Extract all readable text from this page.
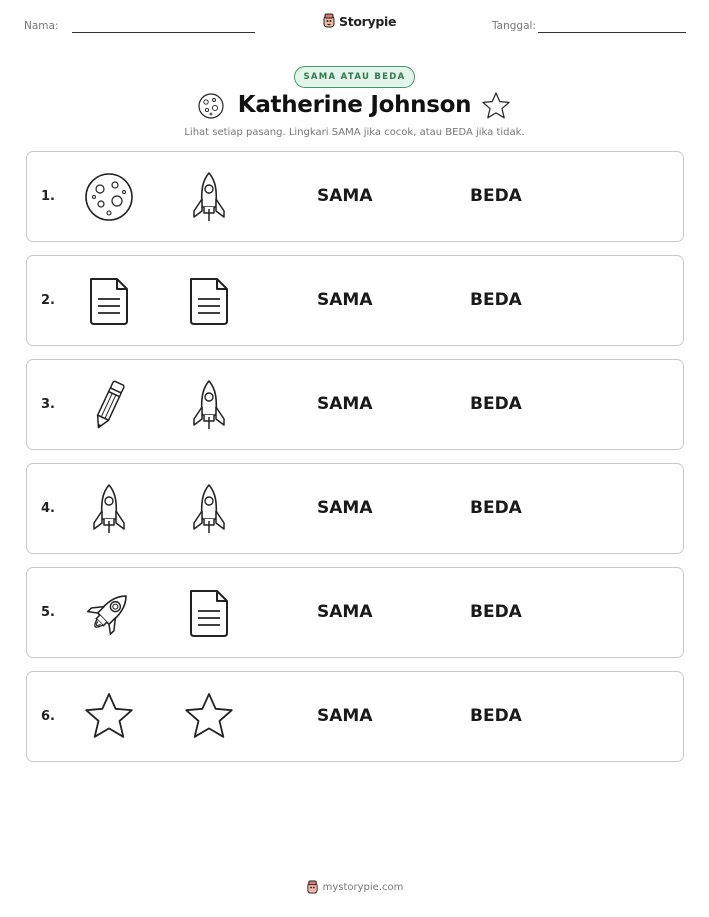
Nama:	Storypie	Tanggal:
SAMA ATAU BEDA
Katherine Johnson
Lihat setiap pasang. Lingkari SAMA jika cocok, atau BEDA jika tidak.
1.	SAMA	BEDA
2.	SAMA	BEDA
3.	SAMA	BEDA
4.	SAMA	BEDA
5.	SAMA	BEDA
6.	SAMA	BEDA
mystorypie.com
